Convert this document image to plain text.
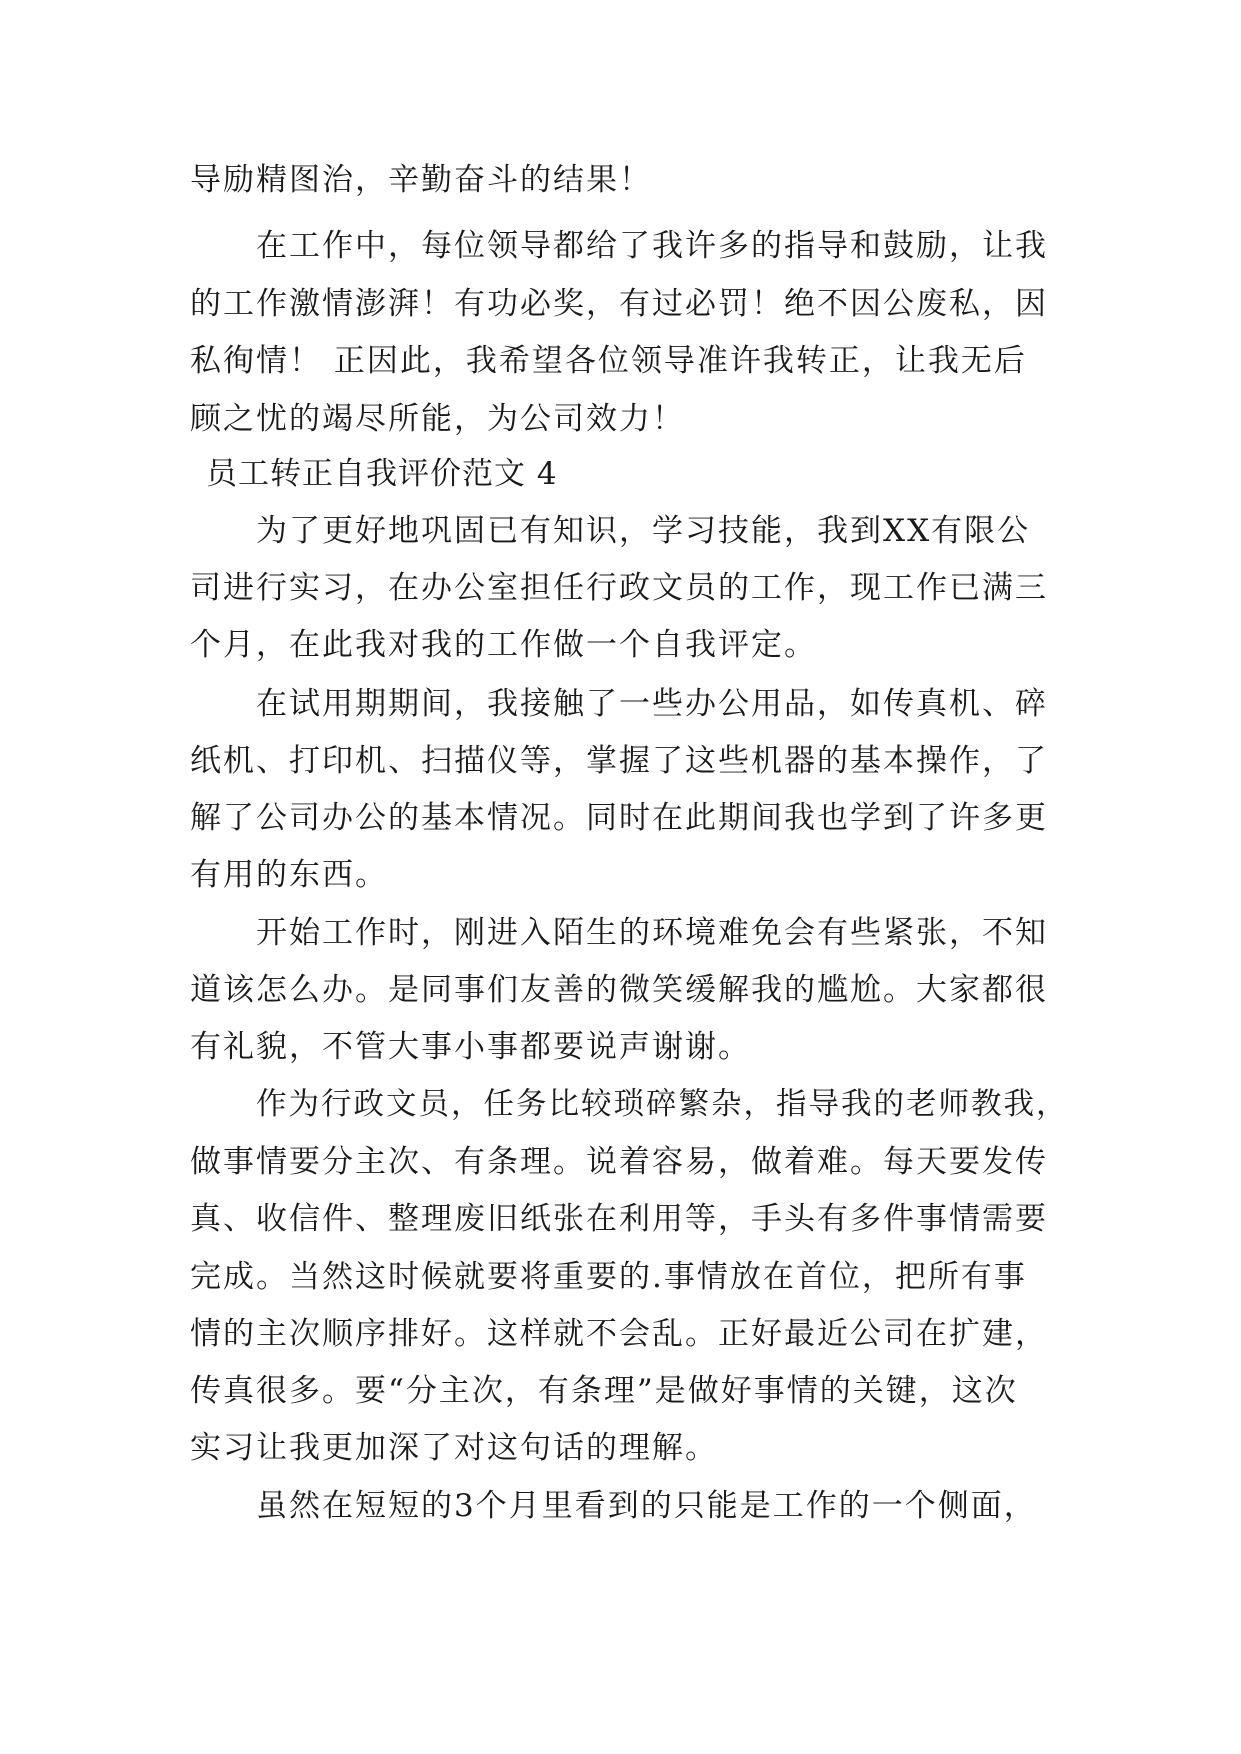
导励精图治，辛勤奋斗的结果！
在工作中，每位领导都给了我许多的指导和鼓励，让我
的工作激情澎湃！有功必奖，有过必罚！绝不因公废私，因
私徇情！ 正因此，我希望各位领导准许我转正，让我无后
顾之忧的竭尽所能，为公司效力！
员工转正自我评价范文 4
为了更好地巩固已有知识，学习技能，我到XX有限公
司进行实习，在办公室担任行政文员的工作，现工作已满三
个月，在此我对我的工作做一个自我评定。
在试用期期间，我接触了一些办公用品，如传真机、碎
纸机、打印机、扫描仪等，掌握了这些机器的基本操作，了
解了公司办公的基本情况。同时在此期间我也学到了许多更
有用的东西。
开始工作时，刚进入陌生的环境难免会有些紧张，不知
道该怎么办。是同事们友善的微笑缓解我的尴尬。大家都很
有礼貌，不管大事小事都要说声谢谢。
作为行政文员，任务比较琐碎繁杂，指导我的老师教我，
做事情要分主次、有条理。说着容易，做着难。每天要发传
真、收信件、整理废旧纸张在利用等，手头有多件事情需要
完成。当然这时候就要将重要的.事情放在首位，把所有事
情的主次顺序排好。这样就不会乱。正好最近公司在扩建，
传真很多。要“分主次，有条理”是做好事情的关键，这次
实习让我更加深了对这句话的理解。
虽然在短短的3个月里看到的只能是工作的一个侧面，
